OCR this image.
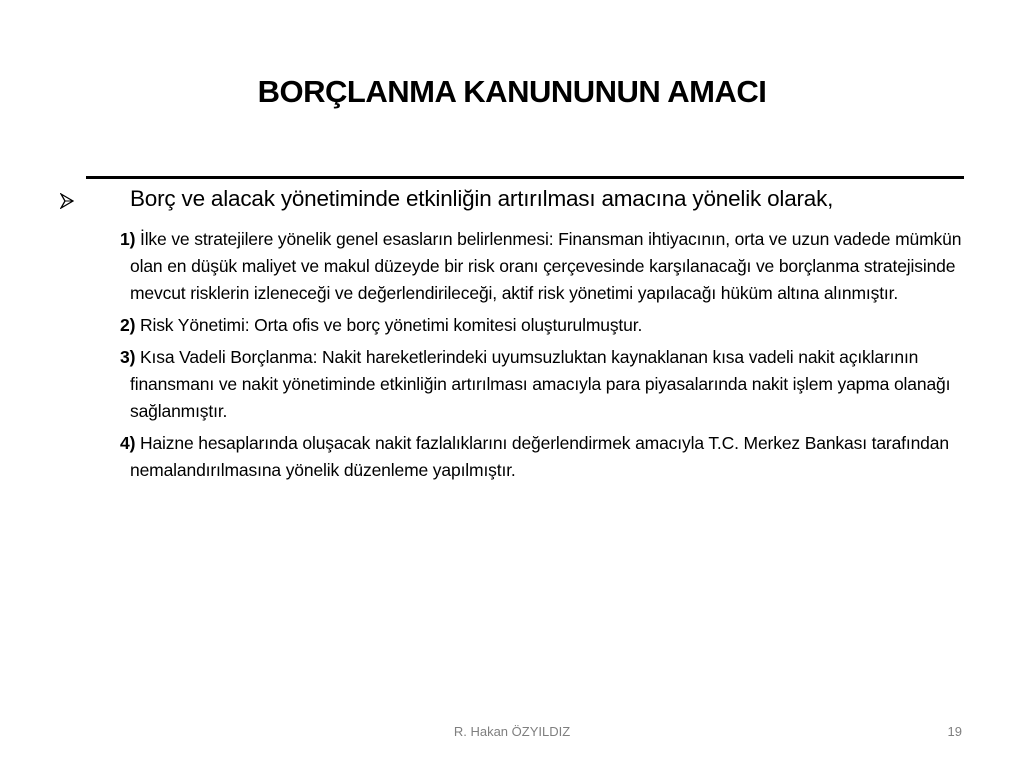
BORÇLANMA KANUNUNUN AMACI
Borç ve alacak yönetiminde etkinliğin artırılması amacına yönelik olarak,
1) İlke ve stratejilere yönelik genel esasların belirlenmesi: Finansman ihtiyacının, orta ve uzun vadede mümkün olan en düşük maliyet ve makul düzeyde bir risk oranı çerçevesinde karşılanacağı ve borçlanma stratejisinde mevcut risklerin izleneceği ve değerlendirileceği, aktif risk yönetimi yapılacağı hüküm altına alınmıştır.
2) Risk Yönetimi: Orta ofis ve borç yönetimi komitesi oluşturulmuştur.
3) Kısa Vadeli Borçlanma: Nakit hareketlerindeki uyumsuzluktan kaynaklanan kısa vadeli nakit açıklarının finansmanı ve nakit yönetiminde etkinliğin artırılması amacıyla para piyasalarında nakit işlem yapma olanağı sağlanmıştır.
4) Haizne hesaplarında oluşacak nakit fazlalıklarını değerlendirmek amacıyla T.C. Merkez Bankası tarafından nemalandırılmasına yönelik düzenleme yapılmıştır.
R. Hakan ÖZYILDIZ	19
